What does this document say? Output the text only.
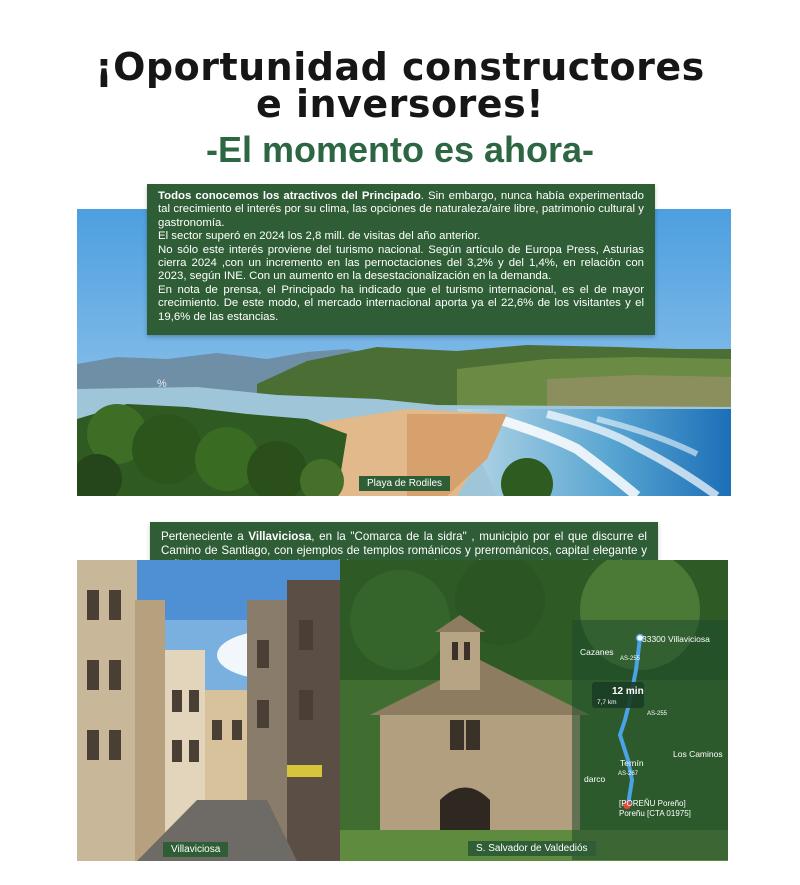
¡Oportunidad constructores
e inversores!
-El momento es ahora-
%

Todos conocemos los atractivos del Principado. Sin embargo, nunca había experimentado tal crecimiento el interés por su clima, las opciones de naturaleza/aire libre, patrimonio cultural y gastronomía.

El sector superó en 2024 los 2,8 mill. de visitas del año anterior.

No sólo este interés proviene del turismo nacional. Según artículo de Europa Press, Asturias cierra 2024 ,con un incremento en las pernoctaciones del 3,2% y del 1,4%, en relación con 2023, según INE. Con un aumento en la desestacionalización en la demanda.

En nota de prensa, el Principado ha indicado que el turismo internacional, es el de mayor crecimiento. De este modo, el mercado internacional aporta ya el 22,6% de los visitantes y el 19,6% de las estancias.

Playa de Rodiles
Perteneciente a Villaviciosa, en la "Comarca de la sidra" , municipio por el que discurre el Camino de Santiago, con ejemplos de templos románicos y prerrománicos, capital elegante y
33300 Villaviciosa
Cazanes
AS-255
AS-255
AS-267
12 min
7,7 km
Los Caminos
Ternín
darco
[POREÑU Poreño]
Poreñu [CTA 01975]
Villaviciosa	S. Salvador de Valdediós
